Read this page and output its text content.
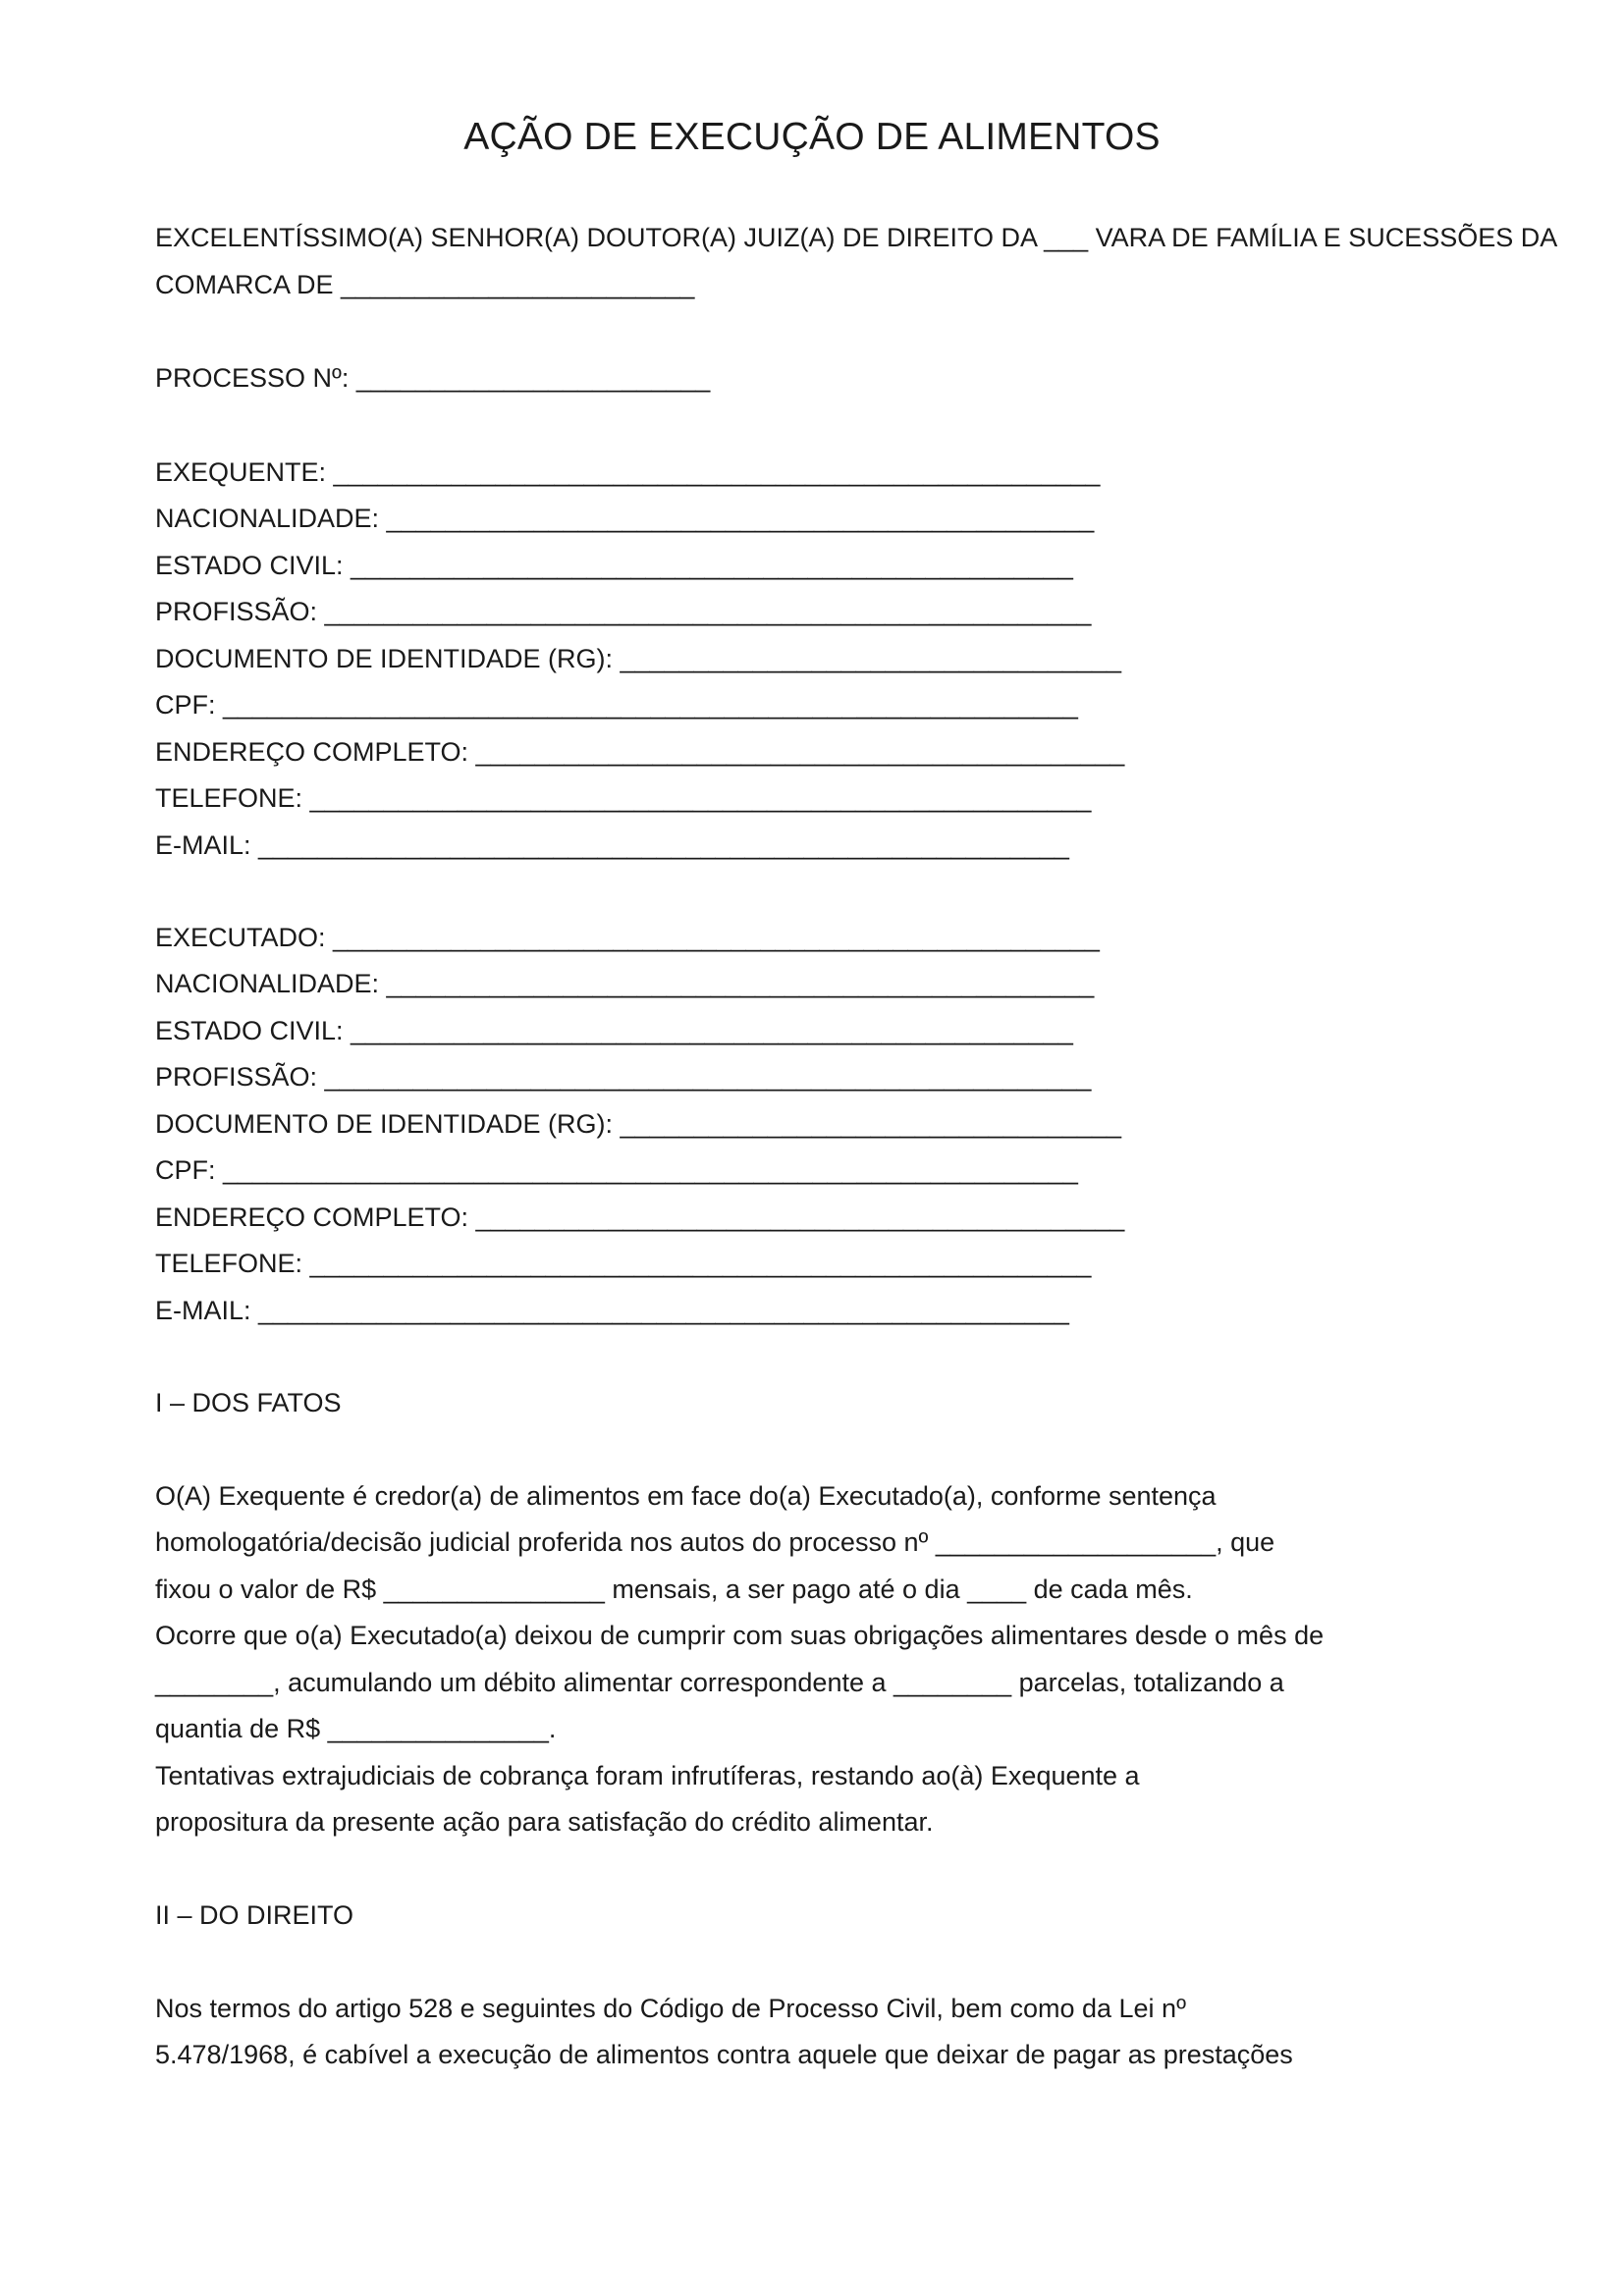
AÇÃO DE EXECUÇÃO DE ALIMENTOS
EXCELENTÍSSIMO(A) SENHOR(A) DOUTOR(A) JUIZ(A) DE DIREITO DA ___ VARA DE FAMÍLIA E SUCESSÕES DA
COMARCA DE ________________________
PROCESSO Nº: ________________________
EXEQUENTE: ____________________________________________________
NACIONALIDADE: ________________________________________________
ESTADO CIVIL: _________________________________________________
PROFISSÃO: ____________________________________________________
DOCUMENTO DE IDENTIDADE (RG): __________________________________
CPF: __________________________________________________________
ENDEREÇO COMPLETO: ____________________________________________
TELEFONE: _____________________________________________________
E-MAIL: _______________________________________________________
EXECUTADO: ____________________________________________________
NACIONALIDADE: ________________________________________________
ESTADO CIVIL: _________________________________________________
PROFISSÃO: ____________________________________________________
DOCUMENTO DE IDENTIDADE (RG): __________________________________
CPF: __________________________________________________________
ENDEREÇO COMPLETO: ____________________________________________
TELEFONE: _____________________________________________________
E-MAIL: _______________________________________________________
I – DOS FATOS
O(A) Exequente é credor(a) de alimentos em face do(a) Executado(a), conforme sentença
homologatória/decisão judicial proferida nos autos do processo nº ___________________, que
fixou o valor de R$ _______________ mensais, a ser pago até o dia ____ de cada mês.
Ocorre que o(a) Executado(a) deixou de cumprir com suas obrigações alimentares desde o mês de
________, acumulando um débito alimentar correspondente a ________ parcelas, totalizando a
quantia de R$ _______________.
Tentativas extrajudiciais de cobrança foram infrutíferas, restando ao(à) Exequente a
propositura da presente ação para satisfação do crédito alimentar.
II – DO DIREITO
Nos termos do artigo 528 e seguintes do Código de Processo Civil, bem como da Lei nº
5.478/1968, é cabível a execução de alimentos contra aquele que deixar de pagar as prestações
